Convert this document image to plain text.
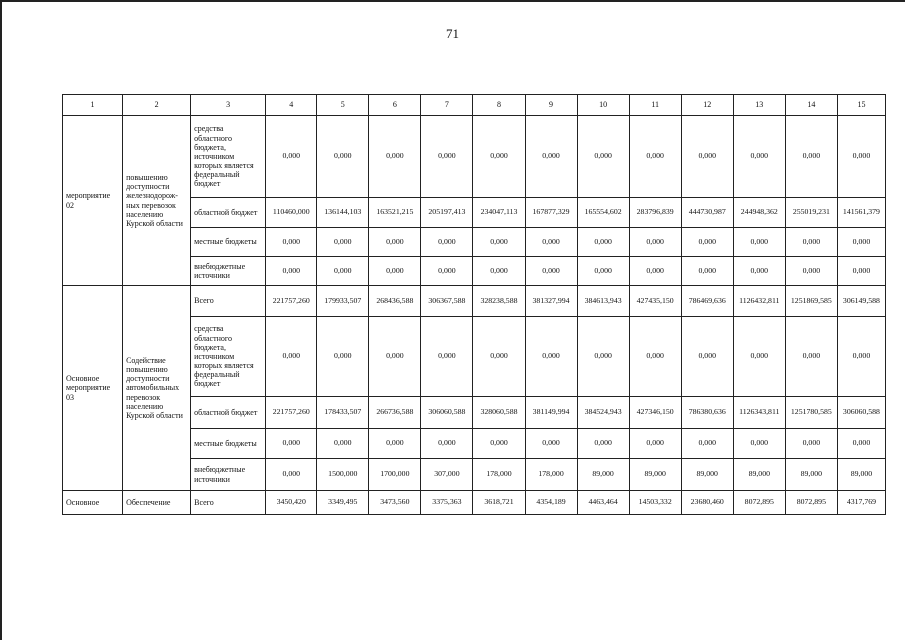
71
1	2	3	4	5	6	7	8	9	10	11	12	13	14	15
мероприятие 02	повышению доступности железнодорож-ных перевозок населению Курской области	средства областного бюджета, источником которых является федеральный бюджет	0,000	0,000	0,000	0,000	0,000	0,000	0,000	0,000	0,000	0,000	0,000	0,000
		областной бюджет	110460,000	136144,103	163521,215	205197,413	234047,113	167877,329	165554,602	283796,839	444730,987	244948,362	255019,231	141561,379
		местные бюджеты	0,000	0,000	0,000	0,000	0,000	0,000	0,000	0,000	0,000	0,000	0,000	0,000
		внебюджетные источники	0,000	0,000	0,000	0,000	0,000	0,000	0,000	0,000	0,000	0,000	0,000	0,000
Основное мероприятие 03	Содействие повышению доступности автомобильных перевозок населению Курской области	Всего	221757,260	179933,507	268436,588	306367,588	328238,588	381327,994	384613,943	427435,150	786469,636	1126432,811	1251869,585	306149,588
		средства областного бюджета, источником которых является федеральный бюджет	0,000	0,000	0,000	0,000	0,000	0,000	0,000	0,000	0,000	0,000	0,000	0,000
		областной бюджет	221757,260	178433,507	266736,588	306060,588	328060,588	381149,994	384524,943	427346,150	786380,636	1126343,811	1251780,585	306060,588
		местные бюджеты	0,000	0,000	0,000	0,000	0,000	0,000	0,000	0,000	0,000	0,000	0,000	0,000
		внебюджетные источники	0,000	1500,000	1700,000	307,000	178,000	178,000	89,000	89,000	89,000	89,000	89,000	89,000
Основное	Обеспечение	Всего	3450,420	3349,495	3473,560	3375,363	3618,721	4354,189	4463,464	14503,332	23680,460	8072,895	8072,895	4317,769
